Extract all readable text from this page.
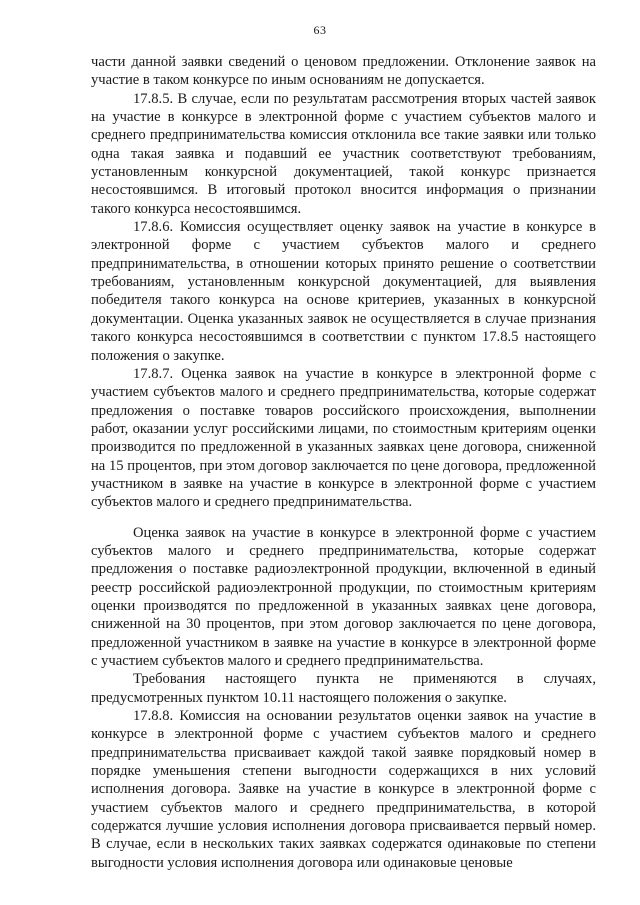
63

части данной заявки сведений о ценовом предложении. Отклонение заявок на участие в таком конкурсе по иным основаниям не допускается.

17.8.5. В случае, если по результатам рассмотрения вторых частей заявок на участие в конкурсе в электронной форме с участием субъектов малого и среднего предпринимательства комиссия отклонила все такие заявки или только одна такая заявка и подавший ее участник соответствуют требованиям, установленным конкурсной документацией, такой конкурс признается несостоявшимся. В итоговый протокол вносится информация о признании такого конкурса несостоявшимся.

17.8.6. Комиссия осуществляет оценку заявок на участие в конкурсе в электронной форме с участием субъектов малого и среднего предпринимательства, в отношении которых принято решение о соответствии требованиям, установленным конкурсной документацией, для выявления победителя такого конкурса на основе критериев, указанных в конкурсной документации. Оценка указанных заявок не осуществляется в случае признания такого конкурса несостоявшимся в соответствии с пунктом 17.8.5 настоящего положения о закупке.

17.8.7. Оценка заявок на участие в конкурсе в электронной форме с участием субъектов малого и среднего предпринимательства, которые содержат предложения о поставке товаров российского происхождения, выполнении работ, оказании услуг российскими лицами, по стоимостным критериям оценки производится по предложенной в указанных заявках цене договора, сниженной на 15 процентов, при этом договор заключается по цене договора, предложенной участником в заявке на участие в конкурсе в электронной форме с участием субъектов малого и среднего предпринимательства.

Оценка заявок на участие в конкурсе в электронной форме с участием субъектов малого и среднего предпринимательства, которые содержат предложения о поставке радиоэлектронной продукции, включенной в единый реестр российской радиоэлектронной продукции, по стоимостным критериям оценки производятся по предложенной в указанных заявках цене договора, сниженной на 30 процентов, при этом договор заключается по цене договора, предложенной участником в заявке на участие в конкурсе в электронной форме с участием субъектов малого и среднего предпринимательства.

Требования настоящего пункта не применяются в случаях, предусмотренных пунктом 10.11 настоящего положения о закупке.

17.8.8. Комиссия на основании результатов оценки заявок на участие в конкурсе в электронной форме с участием субъектов малого и среднего предпринимательства присваивает каждой такой заявке порядковый номер в порядке уменьшения степени выгодности содержащихся в них условий исполнения договора. Заявке на участие в конкурсе в электронной форме с участием субъектов малого и среднего предпринимательства, в которой содержатся лучшие условия исполнения договора присваивается первый номер. В случае, если в нескольких таких заявках содержатся одинаковые по степени выгодности условия исполнения договора или одинаковые ценовые
